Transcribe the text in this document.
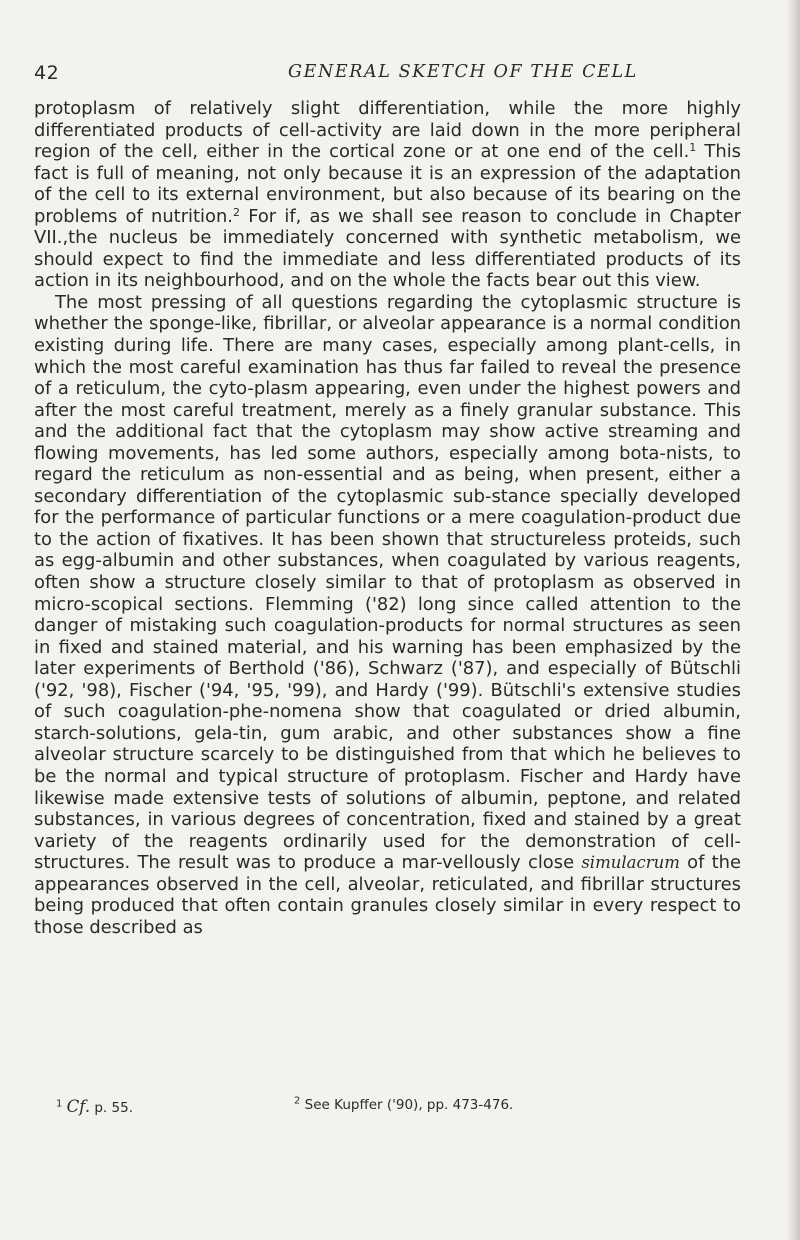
42	GENERAL SKETCH OF THE CELL

protoplasm of relatively slight differentiation, while the more highly differentiated products of cell-activity are laid down in the more peripheral region of the cell, either in the cortical zone or at one end of the cell.$^1$ This fact is full of meaning, not only because it is an expression of the adaptation of the cell to its external environment, but also because of its bearing on the problems of nutrition.$^2$ For if, as we shall see reason to conclude in Chapter VII.,the nucleus be immediately concerned with synthetic metabolism, we should expect to find the immediate and less differentiated products of its action in its neighbourhood, and on the whole the facts bear out this view.

The most pressing of all questions regarding the cytoplasmic structure is whether the sponge-like, fibrillar, or alveolar appearance is a normal condition existing during life. There are many cases, especially among plant-cells, in which the most careful examination has thus far failed to reveal the presence of a reticulum, the cyto-plasm appearing, even under the highest powers and after the most careful treatment, merely as a finely granular substance. This and the additional fact that the cytoplasm may show active streaming and flowing movements, has led some authors, especially among bota-nists, to regard the reticulum as non-essential and as being, when present, either a secondary differentiation of the cytoplasmic sub-stance specially developed for the performance of particular functions or a mere coagulation-product due to the action of fixatives. It has been shown that structureless proteids, such as egg-albumin and other substances, when coagulated by various reagents, often show a structure closely similar to that of protoplasm as observed in micro-scopical sections. Flemming ('82) long since called attention to the danger of mistaking such coagulation-products for normal structures as seen in fixed and stained material, and his warning has been emphasized by the later experiments of Berthold ('86), Schwarz ('87), and especially of Bütschli ('92, '98), Fischer ('94, '95, '99), and Hardy ('99). Bütschli's extensive studies of such coagulation-phe-nomena show that coagulated or dried albumin, starch-solutions, gela-tin, gum arabic, and other substances show a fine alveolar structure scarcely to be distinguished from that which he believes to be the normal and typical structure of protoplasm. Fischer and Hardy have likewise made extensive tests of solutions of albumin, peptone, and related substances, in various degrees of concentration, fixed and stained by a great variety of the reagents ordinarily used for the demonstration of cell-structures. The result was to produce a mar-vellously close simulacrum of the appearances observed in the cell, alveolar, reticulated, and fibrillar structures being produced that often contain granules closely similar in every respect to those described as

$^1$ Cf. p. 55.	$^2$ See Kupffer ('90), pp. 473-476.
